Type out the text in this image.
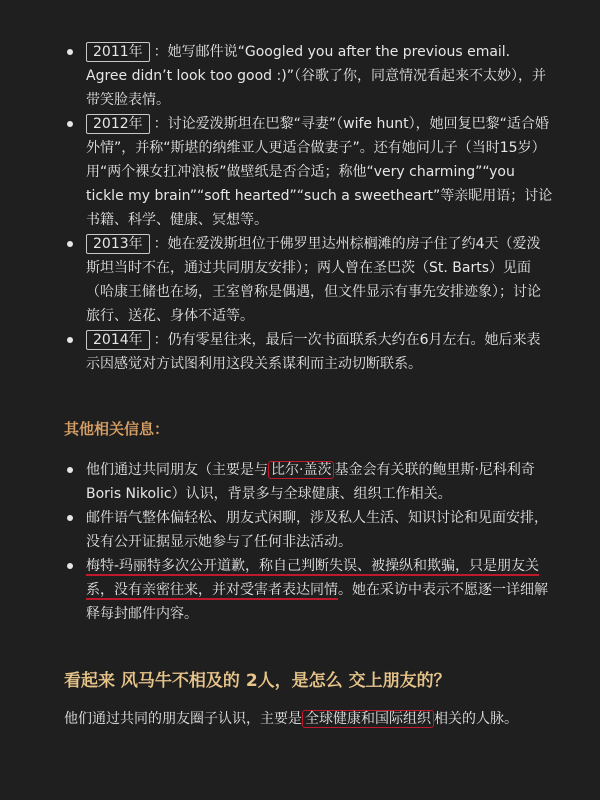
2011年 ：她写邮件说“Googled you after the previous email. Agree didn’t look too good :)”（谷歌了你，同意情况看起来不太妙），并带笑脸表情。
2012年 ：讨论爱泼斯坦在巴黎“寻妻”（wife hunt），她回复巴黎“适合婚外情”，并称“斯堪的纳维亚人更适合做妻子”。还有她问儿子（当时15岁）用“两个裸女扛冲浪板”做壁纸是否合适；称他“very charming”“you tickle my brain”“soft hearted”“such a sweetheart”等亲昵用语；讨论书籍、科学、健康、冥想等。
2013年 ：她在爱泼斯坦位于佛罗里达州棕榈滩的房子住了约4天（爱泼斯坦当时不在，通过共同朋友安排）；两人曾在圣巴茨（St. Barts）见面（哈康王储也在场，王室曾称是偶遇，但文件显示有事先安排迹象）；讨论旅行、送花、身体不适等。
2014年 ：仍有零星往来，最后一次书面联系大约在6月左右。她后来表示因感觉对方试图利用这段关系谋利而主动切断联系。
其他相关信息：
他们通过共同朋友（主要是与 比尔·盖茨 基金会有关联的鲍里斯·尼科利奇Boris Nikolic）认识，背景多与全球健康、组织工作相关。
邮件语气整体偏轻松、朋友式闲聊，涉及私人生活、知识讨论和见面安排，没有公开证据显示她参与了任何非法活动。
梅特-玛丽特多次公开道歉，称自己判断失误、被操纵和欺骗，只是朋友关系，没有亲密往来，并对受害者表达同情。她在采访中表示不愿逐一详细解释每封邮件内容。
看起来 风马牛不相及的 2人，是怎么 交上朋友的？
他们通过共同的朋友圈子认识，主要是 全球健康和国际组织 相关的人脉。
